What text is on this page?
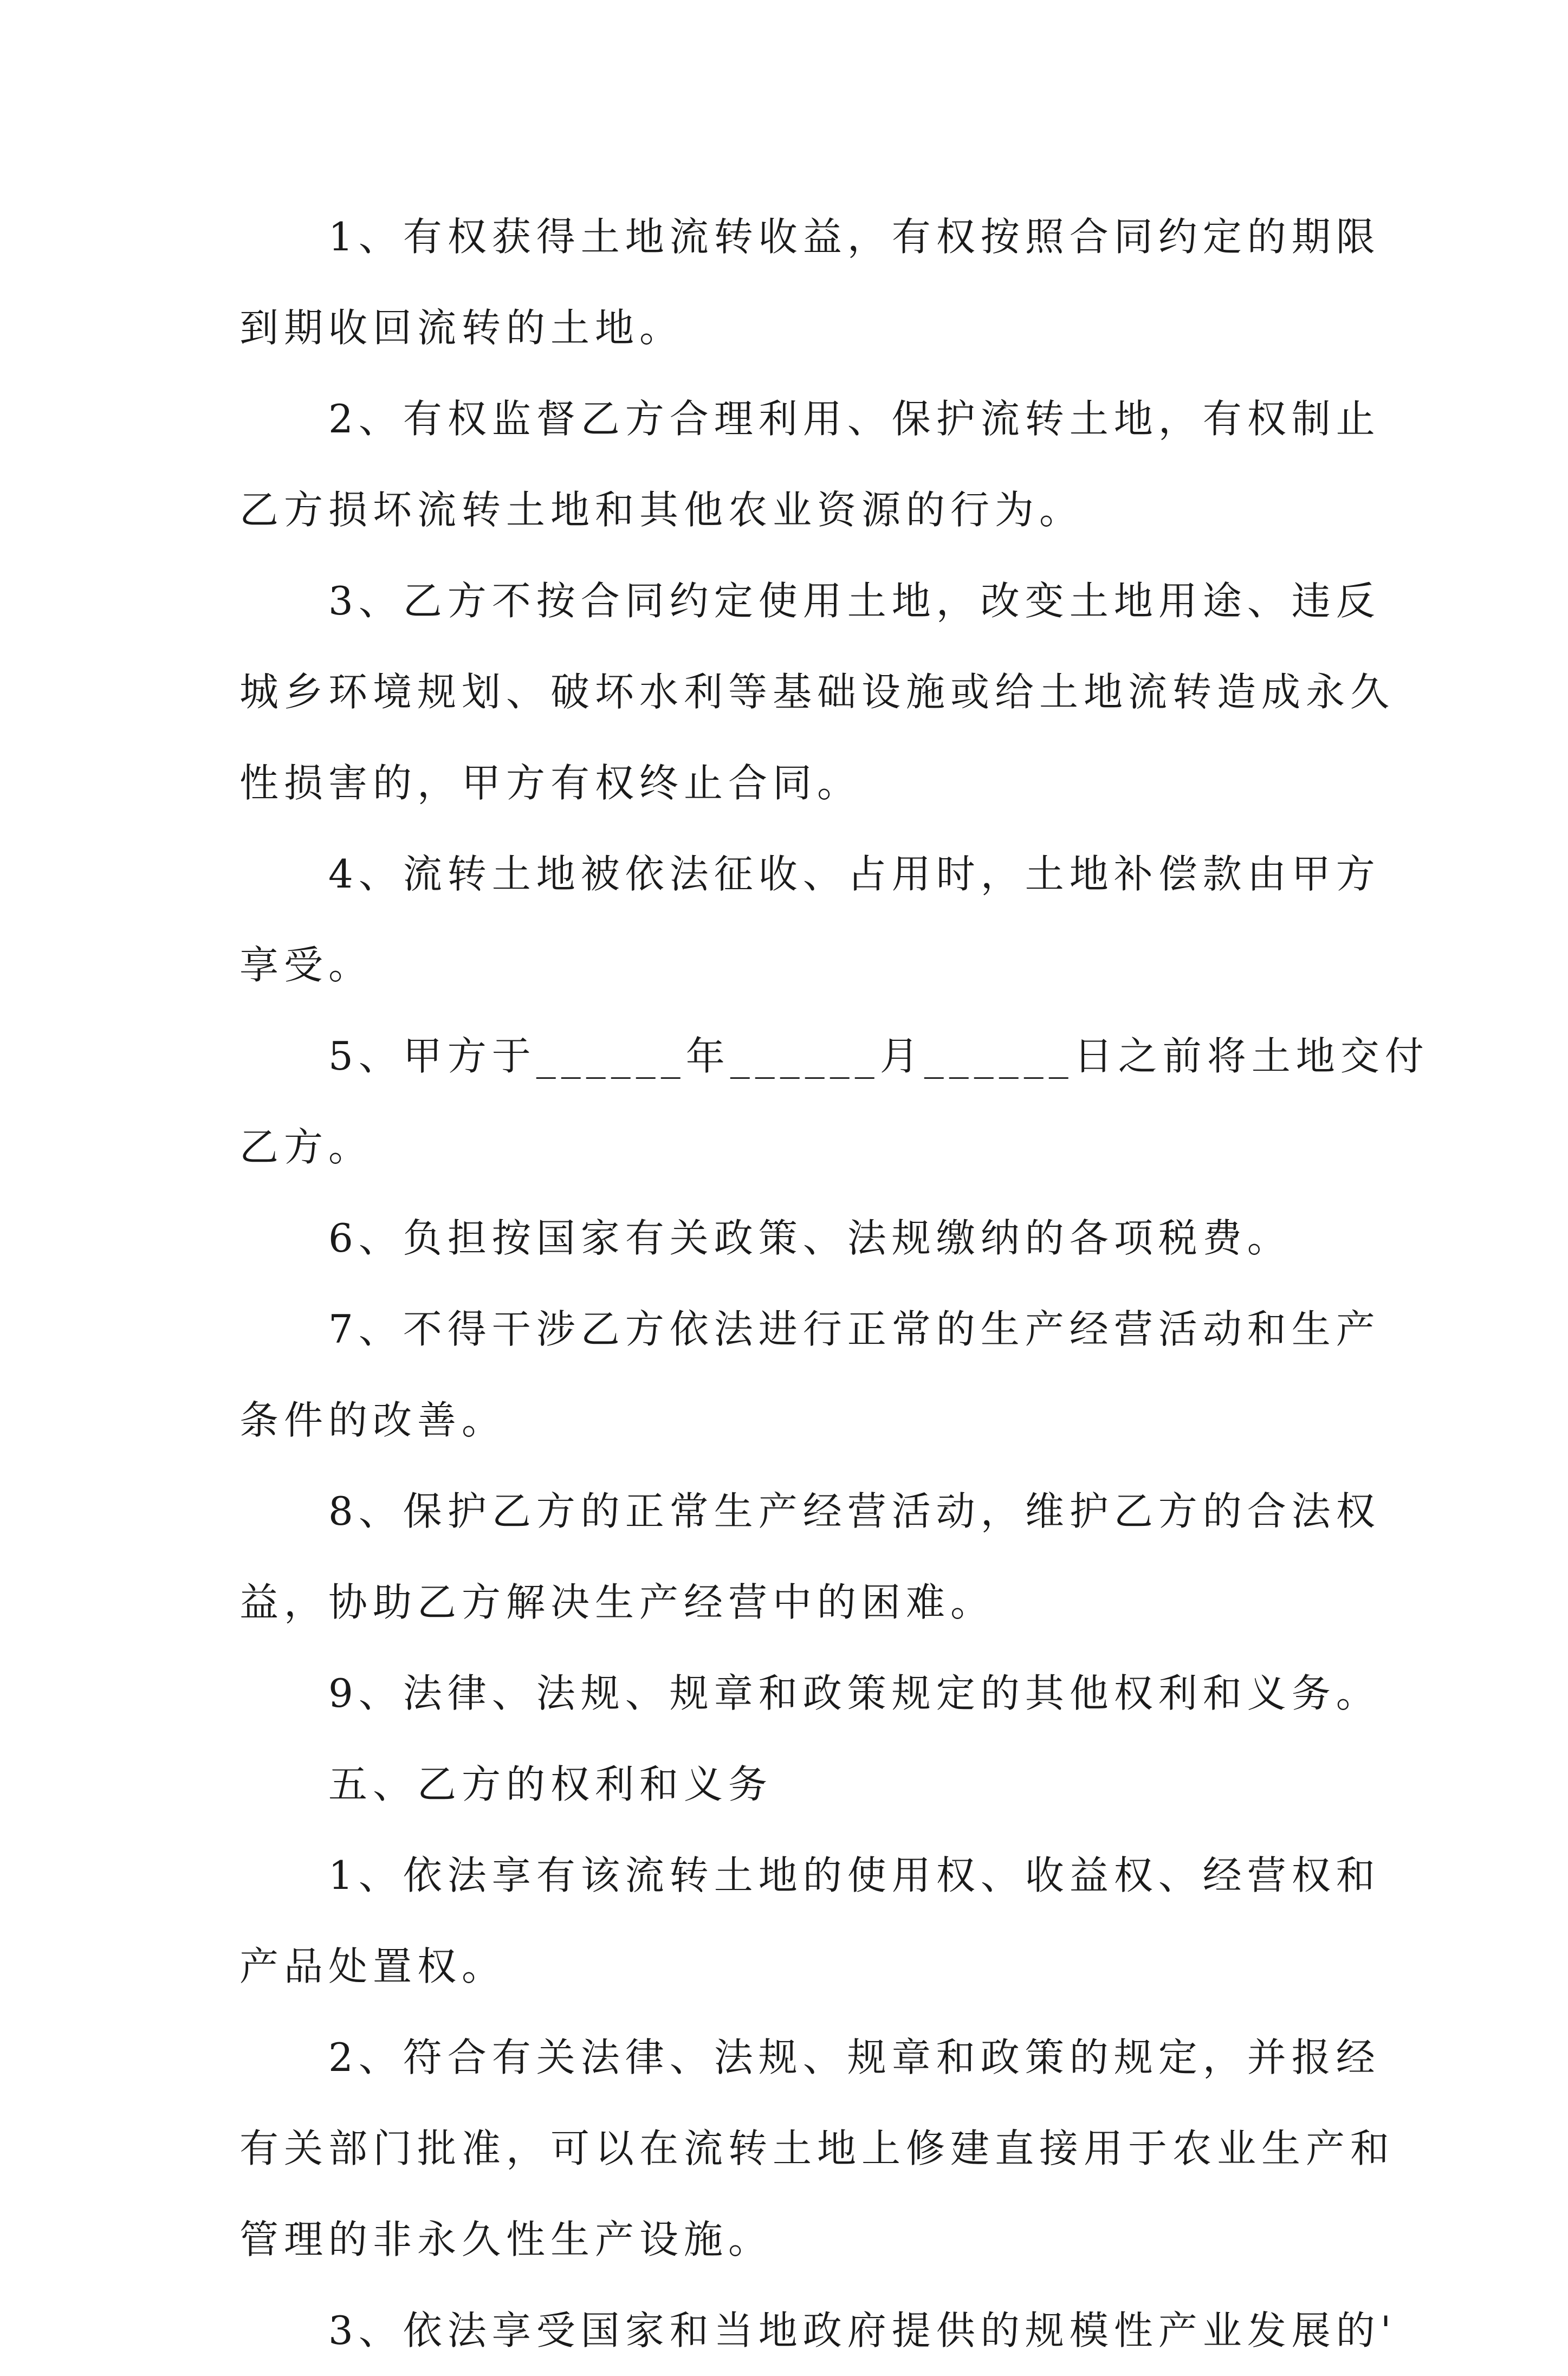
1、有权获得土地流转收益，有权按照合同约定的期限
到期收回流转的土地。

2、有权监督乙方合理利用、保护流转土地，有权制止
乙方损坏流转土地和其他农业资源的行为。

3、乙方不按合同约定使用土地，改变土地用途、违反
城乡环境规划、破坏水利等基础设施或给土地流转造成永久
性损害的，甲方有权终止合同。

4、流转土地被依法征收、占用时，土地补偿款由甲方
享受。

5、甲方于______年______月______日之前将土地交付
乙方。

6、负担按国家有关政策、法规缴纳的各项税费。

7、不得干涉乙方依法进行正常的生产经营活动和生产
条件的改善。

8、保护乙方的正常生产经营活动，维护乙方的合法权
益，协助乙方解决生产经营中的困难。

9、法律、法规、规章和政策规定的其他权利和义务。

五、乙方的权利和义务

1、依法享有该流转土地的使用权、收益权、经营权和
产品处置权。

2、符合有关法律、法规、规章和政策的规定，并报经
有关部门批准，可以在流转土地上修建直接用于农业生产和
管理的非永久性生产设施。

3、依法享受国家和当地政府提供的规模性产业发展的'
